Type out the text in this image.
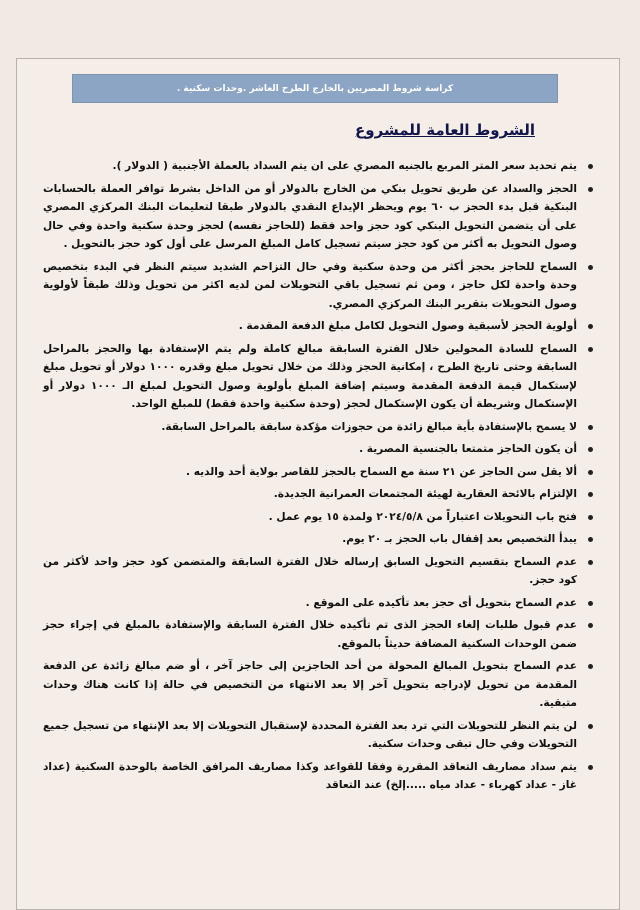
كراسة شروط المصريين بالخارج الطرح العاشر .وحدات سكنية .
الشروط العامة للمشروع
يتم تحديد سعر المتر المربع بالجنيه المصري على ان يتم السداد بالعملة الأجنبية ( الدولار ).
الحجز والسداد عن طريق تحويل بنكي من الخارج بالدولار أو من الداخل بشرط توافر العملة بالحسابات البنكية قبل بدء الحجز ب ٦٠ يوم ويحظر الإيداع النقدي بالدولار طبقا لتعليمات البنك المركزي المصري على أن يتضمن التحويل البنكي كود حجز واحد فقط (للحاجز نفسه) لحجز وحدة سكنية واحدة وفي حال وصول التحويل به أكثر من كود حجز سيتم تسجيل كامل المبلغ المرسل على أول كود حجز بالتحويل .
السماح للحاجز بحجز أكثر من وحدة سكنية وفي حال التزاحم الشديد سيتم النظر في البدء بتخصيص وحدة واحدة لكل حاجز ، ومن ثم تسجيل باقي التحويلات لمن لديه اكثر من تحويل وذلك طبقاً لأولوية وصول التحويلات بتقرير البنك المركزي المصري.
أولوية الحجز لأسبقية وصول التحويل لكامل مبلغ الدفعة المقدمة .
السماح للسادة المحولين خلال الفترة السابقة مبالغ كاملة ولم يتم الإستفادة بها والحجز بالمراحل السابقة وحتى تاريخ الطرح ، إمكانية الحجز وذلك من خلال تحويل مبلغ وقدره ١٠٠٠ دولار أو تحويل مبلغ لإستكمال قيمة الدفعة المقدمة وسيتم إضافة المبلغ بأولوية وصول التحويل لمبلغ الـ ١٠٠٠ دولار أو الإستكمال وشريطة أن يكون الإستكمال لحجز (وحدة سكنية واحدة فقط) للمبلغ الواحد.
لا يسمح بالإستفادة بأية مبالغ زائدة من حجوزات مؤكدة سابقة بالمراحل السابقة.
أن يكون الحاجز متمتعا بالجنسية المصرية .
ألا يقل سن الحاجز عن ٢١ سنة مع السماح بالحجز للقاصر بولاية أحد والديه .
الإلتزام بالائحة العقارية لهيئة المجتمعات العمرانية الجديدة.
فتح باب التحويلات اعتباراً من ٢٠٢٤/٥/٨ ولمدة ١٥ يوم عمل .
يبدأ التخصيص بعد إقفال باب الحجز بـ ٢٠ يوم.
عدم السماح بتقسيم التحويل السابق إرساله خلال الفترة السابقة والمتضمن كود حجز واحد لأكثر من كود حجز.
عدم السماح بتحويل أى حجز بعد تأكيده على الموقع .
عدم قبول طلبات إلغاء الحجز الذى تم تأكيده خلال الفترة السابقة والإستفادة بالمبلغ في إجراء حجز ضمن الوحدات السكنية المضافة حديثاً بالموقع.
عدم السماح بتحويل المبالغ المحولة من أحد الحاجزين إلى حاجز آخر ، أو ضم مبالغ زائدة عن الدفعة المقدمة من تحويل لإدراجه بتحويل آخر إلا بعد الانتهاء من التخصيص في حالة إذا كانت هناك وحدات متبقية.
لن يتم النظر للتحويلات التي ترد بعد الفترة المحددة لإستقبال التحويلات إلا بعد الإنتهاء من تسجيل جميع التحويلات وفي حال تبقى وحدات سكنية.
يتم سداد مصاريف التعاقد المقررة وفقا للقواعد وكذا مصاريف المرافق الخاصة بالوحدة السكنية (عداد غاز - عداد كهرباء - عداد مياه .....إلخ) عند التعاقد
